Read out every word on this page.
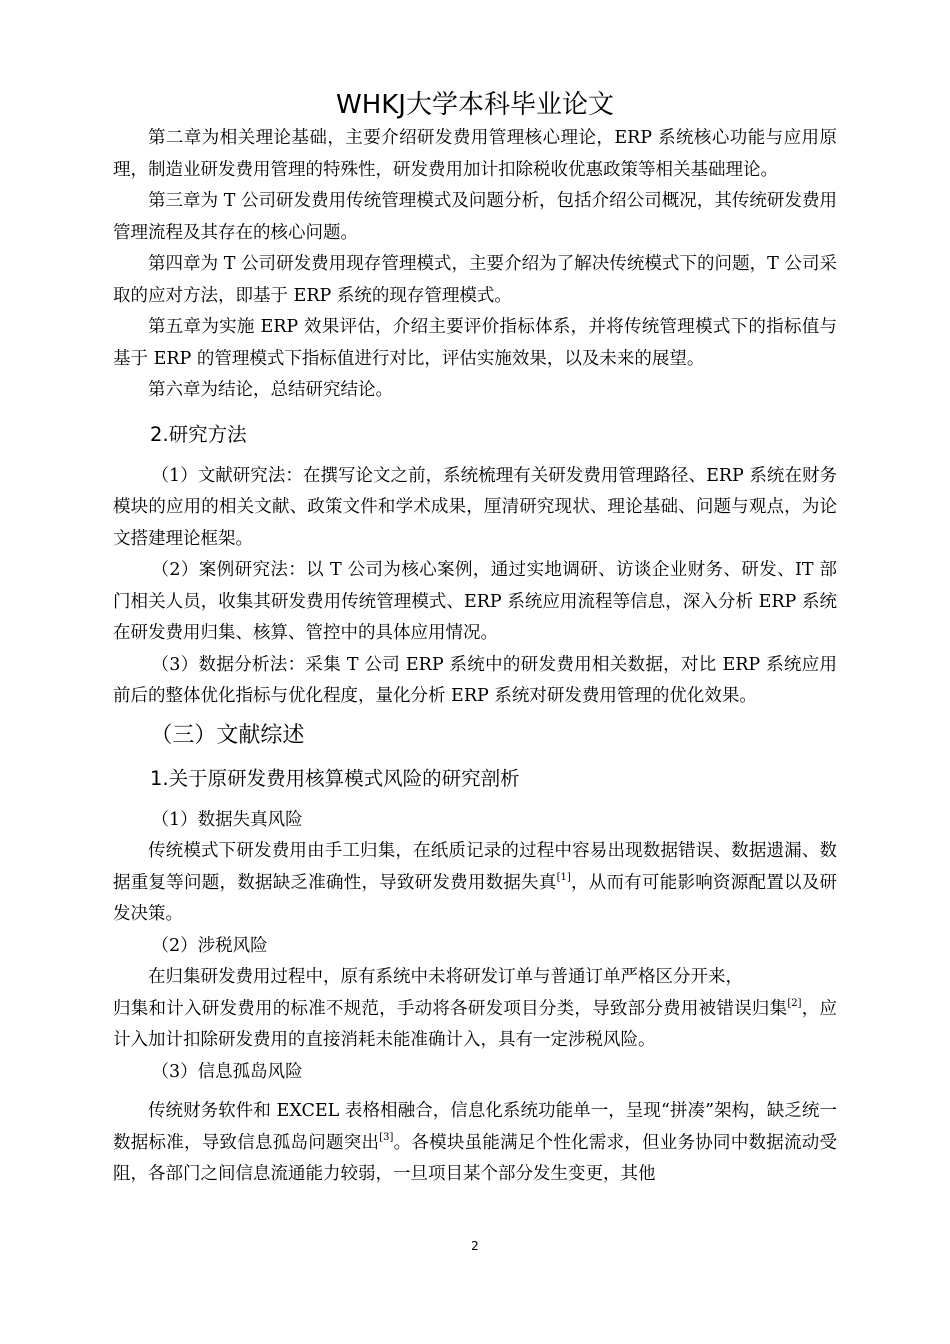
WHKJ大学本科毕业论文

第二章为相关理论基础，主要介绍研发费用管理核心理论，ERP 系统核心功能与应用原理，制造业研发费用管理的特殊性，研发费用加计扣除税收优惠政策等相关基础理论。

第三章为 T 公司研发费用传统管理模式及问题分析，包括介绍公司概况，其传统研发费用管理流程及其存在的核心问题。

第四章为 T 公司研发费用现存管理模式，主要介绍为了解决传统模式下的问题，T 公司采取的应对方法，即基于 ERP 系统的现存管理模式。

第五章为实施 ERP 效果评估，介绍主要评价指标体系，并将传统管理模式下的指标值与基于 ERP 的管理模式下指标值进行对比，评估实施效果，以及未来的展望。

第六章为结论，总结研究结论。

2.研究方法

（1）文献研究法：在撰写论文之前，系统梳理有关研发费用管理路径、ERP 系统在财务模块的应用的相关文献、政策文件和学术成果，厘清研究现状、理论基础、问题与观点，为论文搭建理论框架。

（2）案例研究法：以 T 公司为核心案例，通过实地调研、访谈企业财务、研发、IT 部门相关人员，收集其研发费用传统管理模式、ERP 系统应用流程等信息，深入分析 ERP 系统在研发费用归集、核算、管控中的具体应用情况。

（3）数据分析法：采集 T 公司 ERP 系统中的研发费用相关数据，对比 ERP 系统应用前后的整体优化指标与优化程度，量化分析 ERP 系统对研发费用管理的优化效果。

（三）文献综述
1.关于原研发费用核算模式风险的研究剖析

（1）数据失真风险

传统模式下研发费用由手工归集，在纸质记录的过程中容易出现数据错误、数据遗漏、数据重复等问题，数据缺乏准确性，导致研发费用数据失真[1]，从而有可能影响资源配置以及研发决策。

（2）涉税风险

在归集研发费用过程中，原有系统中未将研发订单与普通订单严格区分开来，

归集和计入研发费用的标准不规范，手动将各研发项目分类，导致部分费用被错误归集[2]，应计入加计扣除研发费用的直接消耗未能准确计入，具有一定涉税风险。

（3）信息孤岛风险

传统财务软件和 EXCEL 表格相融合，信息化系统功能单一，呈现“拼凑”架构，缺乏统一数据标准，导致信息孤岛问题突出[3]。各模块虽能满足个性化需求，但业务协同中数据流动受阻，各部门之间信息流通能力较弱，一旦项目某个部分发生变更，其他

2
